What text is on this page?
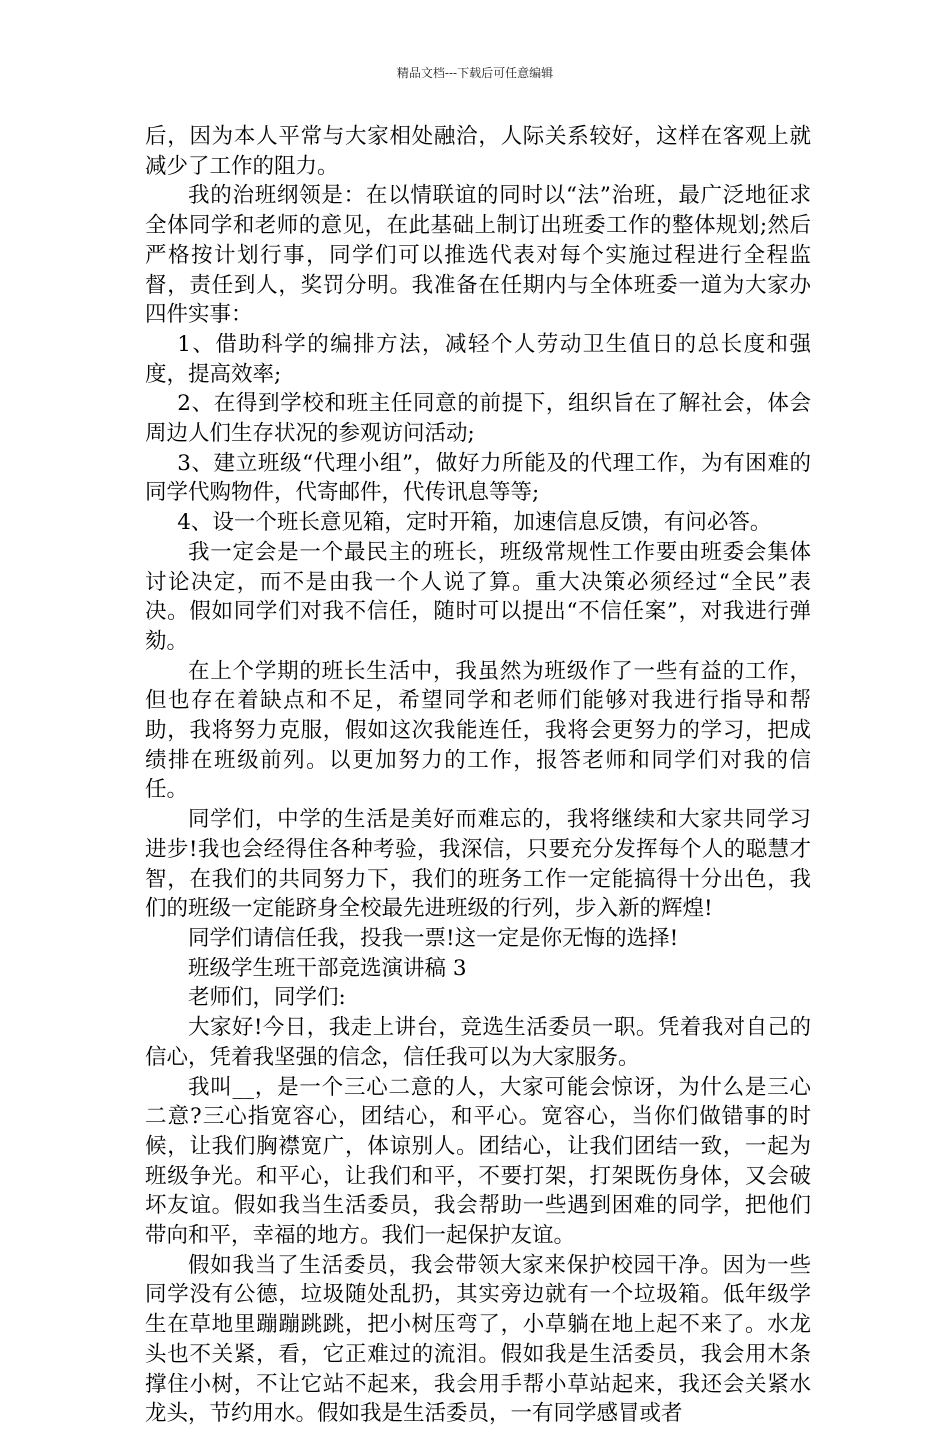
精品文档---下载后可任意编辑

后，因为本人平常与大家相处融洽，人际关系较好，这样在客观上就减少了工作的阻力。

我的治班纲领是：在以情联谊的同时以“法”治班，最广泛地征求全体同学和老师的意见，在此基础上制订出班委工作的整体规划;然后严格按计划行事，同学们可以推选代表对每个实施过程进行全程监督，责任到人，奖罚分明。我准备在任期内与全体班委一道为大家办四件实事：

1、借助科学的编排方法，减轻个人劳动卫生值日的总长度和强度，提高效率;

2、在得到学校和班主任同意的前提下，组织旨在了解社会，体会周边人们生存状况的参观访问活动;

3、建立班级“代理小组”，做好力所能及的代理工作，为有困难的同学代购物件，代寄邮件，代传讯息等等;

4、设一个班长意见箱，定时开箱，加速信息反馈，有问必答。

我一定会是一个最民主的班长，班级常规性工作要由班委会集体讨论决定，而不是由我一个人说了算。重大决策必须经过“全民”表决。假如同学们对我不信任，随时可以提出“不信任案”，对我进行弹劾。

在上个学期的班长生活中，我虽然为班级作了一些有益的工作，但也存在着缺点和不足，希望同学和老师们能够对我进行指导和帮助，我将努力克服，假如这次我能连任，我将会更努力的学习，把成绩排在班级前列。以更加努力的工作，报答老师和同学们对我的信任。

同学们，中学的生活是美好而难忘的，我将继续和大家共同学习进步!我也会经得住各种考验，我深信，只要充分发挥每个人的聪慧才智，在我们的共同努力下，我们的班务工作一定能搞得十分出色，我们的班级一定能跻身全校最先进班级的行列，步入新的辉煌!

同学们请信任我，投我一票!这一定是你无悔的选择!

班级学生班干部竞选演讲稿 3

老师们，同学们:

大家好!今日，我走上讲台，竞选生活委员一职。凭着我对自己的信心，凭着我坚强的信念，信任我可以为大家服务。

我叫__，是一个三心二意的人，大家可能会惊讶，为什么是三心二意?三心指宽容心，团结心，和平心。宽容心，当你们做错事的时候，让我们胸襟宽广，体谅别人。团结心，让我们团结一致，一起为班级争光。和平心，让我们和平，不要打架，打架既伤身体，又会破坏友谊。假如我当生活委员，我会帮助一些遇到困难的同学，把他们带向和平，幸福的地方。我们一起保护友谊。

假如我当了生活委员，我会带领大家来保护校园干净。因为一些同学没有公德，垃圾随处乱扔，其实旁边就有一个垃圾箱。低年级学生在草地里蹦蹦跳跳，把小树压弯了，小草躺在地上起不来了。水龙头也不关紧，看，它正难过的流泪。假如我是生活委员，我会用木条撑住小树，不让它站不起来，我会用手帮小草站起来，我还会关紧水龙头，节约用水。假如我是生活委员，一有同学感冒或者
